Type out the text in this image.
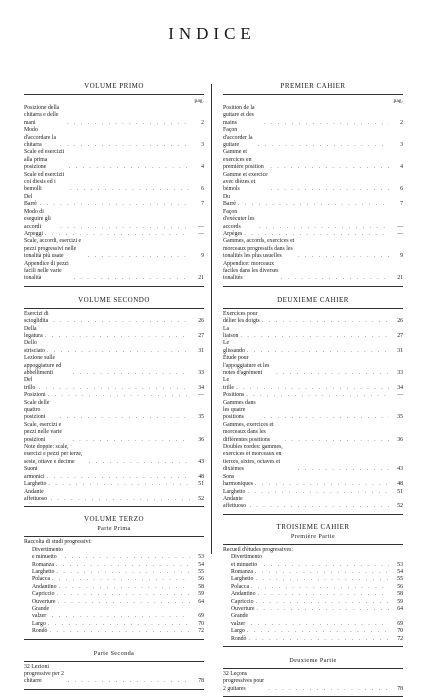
INDICE
VOLUME PRIMO
pag.
Posizione della chitarra e delle mani . . .	2
Modo d'accordare la chitarra . . .	3
Scale ed esercizii alla prima posizione . . .	4
Scale ed esercizii coi diesis ed i bemolli . . .	6
Del Barrè . . .	7
Modo di eseguire gli accordi . . .	—
Arpeggi . . .	—
Scale, accordi, esercizi e pezzi progressivi nelle tonalità più usate . . .	9
Appendice di pezzi facili nelle varie tonalità . . .	21
VOLUME SECONDO
Esercizi di scioglidita . . .	26
Della legatura . . .	27
Dello strisciato . . .	31
Lezione sulle appoggiature ed abbellimenti . . .	33
Del trillo . . .	34
Posizioni . . .	—
Scale delle quattro posizioni . . .	35
Scale, esercizi e pezzi nelle varie posizioni . . .	36
Note doppie: scale, esercizi e pezzi per terze, seste, ottave e decime . . .	43
Suoni armonici . . .	48
Larghetto . . .	51
Andante affettuoso . . .	52
VOLUME TERZO
Parte Prima
Raccolta di studi progressivi:
Divertimento e minuetto . . .	53
Romanza . . .	54
Larghetto . . .	55
Polacca . . .	56
Andantino . . .	58
Capriccio . . .	59
Ouverture . . .	64
Grande valzer . . .	69
Largo . . .	70
Rondò . . .	72
Parte Seconda
32 Lezioni progressive per 2 chitarre . . .	78
PREMIER CAHIER
pag.
Position de la guitare et des mains . . .	2
Façon d'accorder la guitare . . .	3
Gamme et exercices en première position . . .	4
Gamme et exercice avec dièzes et bémols . . .	6
Du Barrè . . .	7
Façon d'exécuter les accords . . .	—
Arpèges . . .	—
Gammes, accords, exercices et morceaux progressifs dans les tonalités les plus usuelles . . .	9
Appendice: morceaux faciles dans les diverses tonalités . . .	21
DEUXIEME CAHIER
Exercices pour délier les doigts . . .	26
La liaison . . .	27
Le glissando . . .	31
Étude pour l'appoggiature et les notes d'agrément . . .	33
Le trille . . .	34
Positions . . .	—
Gammes dans les quatre positions . . .	35
Gammes, exercices et morceaux dans les différentes positions . . .	36
Doubles cordes: gammes, exercices et morceaux en tierces, sixtes, octaves et dixièmes . . .	43
Sons harmoniques . . .	48
Larghetto . . .	51
Andante affettuoso . . .	52
TROISIEME CAHIER
Première Partie
Recueil d'études progressives:
Divertimento et minuetto . . .	53
Romanza . . .	54
Larghetto . . .	55
Polacca . . .	56
Andantino . . .	58
Capriccio . . .	59
Ouverture . . .	64
Grande valzer . . .	69
Largo . . .	70
Rondò . . .	72
Deuxieme Partie
32 Leçons progressives pour 2 guitares . . .	78
